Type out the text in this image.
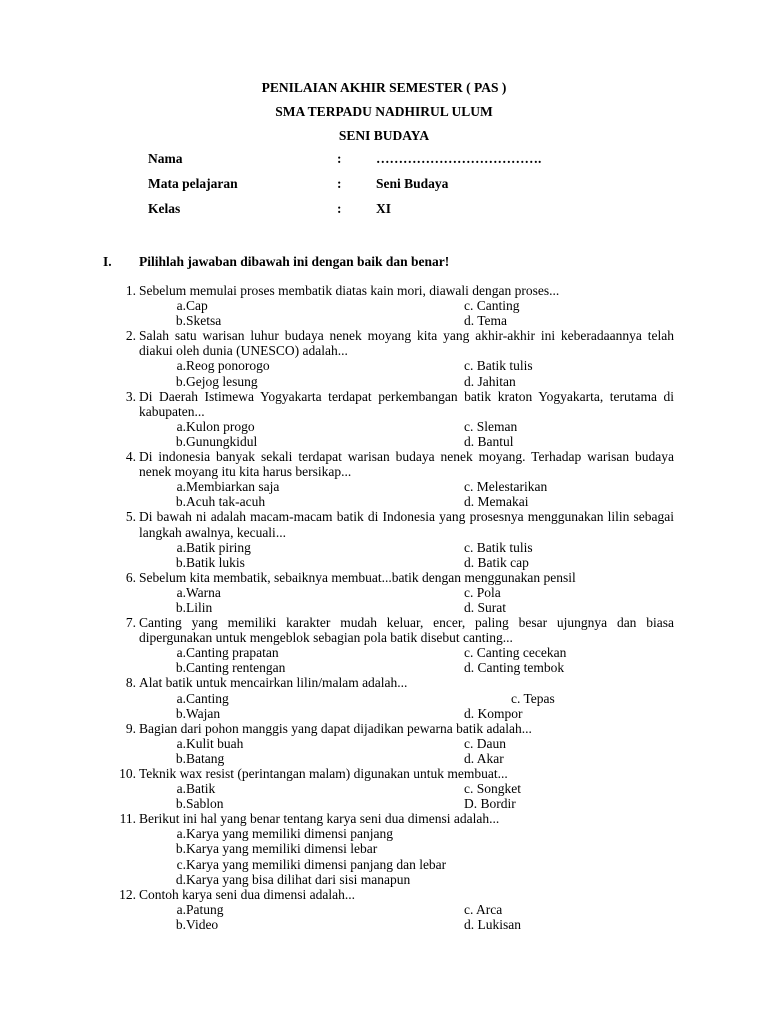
PENILAIAN AKHIR SEMESTER ( PAS )
SMA TERPADU NADHIRUL ULUM
SENI BUDAYA
Nama	:	……………………………….
Mata pelajaran	:	Seni Budaya
Kelas	:	XI
I. Pilihlah jawaban dibawah ini dengan baik dan benar!
1. Sebelum memulai proses membatik diatas kain mori, diawali dengan proses...
a. Cap	c. Canting
b. Sketsa	d. Tema
2. Salah satu warisan luhur budaya nenek moyang kita yang akhir-akhir ini keberadaannya telah diakui oleh dunia (UNESCO) adalah...
a. Reog ponorogo	c. Batik tulis
b. Gejog lesung	d. Jahitan
3. Di Daerah Istimewa Yogyakarta terdapat perkembangan batik kraton Yogyakarta, terutama di kabupaten...
a. Kulon progo	c. Sleman
b. Gunungkidul	d. Bantul
4. Di indonesia banyak sekali terdapat warisan budaya nenek moyang. Terhadap warisan budaya nenek moyang itu kita harus bersikap...
a. Membiarkan saja	c. Melestarikan
b. Acuh tak-acuh	d. Memakai
5. Di bawah ni adalah macam-macam batik di Indonesia yang prosesnya menggunakan lilin sebagai langkah awalnya, kecuali...
a. Batik piring	c. Batik tulis
b. Batik lukis	d. Batik cap
6. Sebelum kita membatik, sebaiknya membuat...batik dengan menggunakan pensil
a. Warna	c. Pola
b. Lilin	d. Surat
7. Canting yang memiliki karakter mudah keluar, encer, paling besar ujungnya dan biasa dipergunakan untuk mengeblok sebagian pola batik disebut canting...
a. Canting prapatan	c. Canting cecekan
b. Canting rentengan	d. Canting tembok
8. Alat batik untuk mencairkan lilin/malam adalah...
a. Canting	c. Tepas
b. Wajan	d. Kompor
9. Bagian dari pohon manggis yang dapat dijadikan pewarna batik adalah...
a. Kulit buah	c. Daun
b. Batang	d. Akar
10. Teknik wax resist (perintangan malam) digunakan untuk membuat...
a. Batik	c. Songket
b. Sablon	D. Bordir
11. Berikut ini hal yang benar tentang karya seni dua dimensi adalah...
a. Karya yang memiliki dimensi panjang
b. Karya yang memiliki dimensi lebar
c. Karya yang memiliki dimensi panjang dan lebar
d. Karya yang bisa dilihat dari sisi manapun
12. Contoh karya seni dua dimensi adalah...
a. Patung	c. Arca
b. Video	d. Lukisan
